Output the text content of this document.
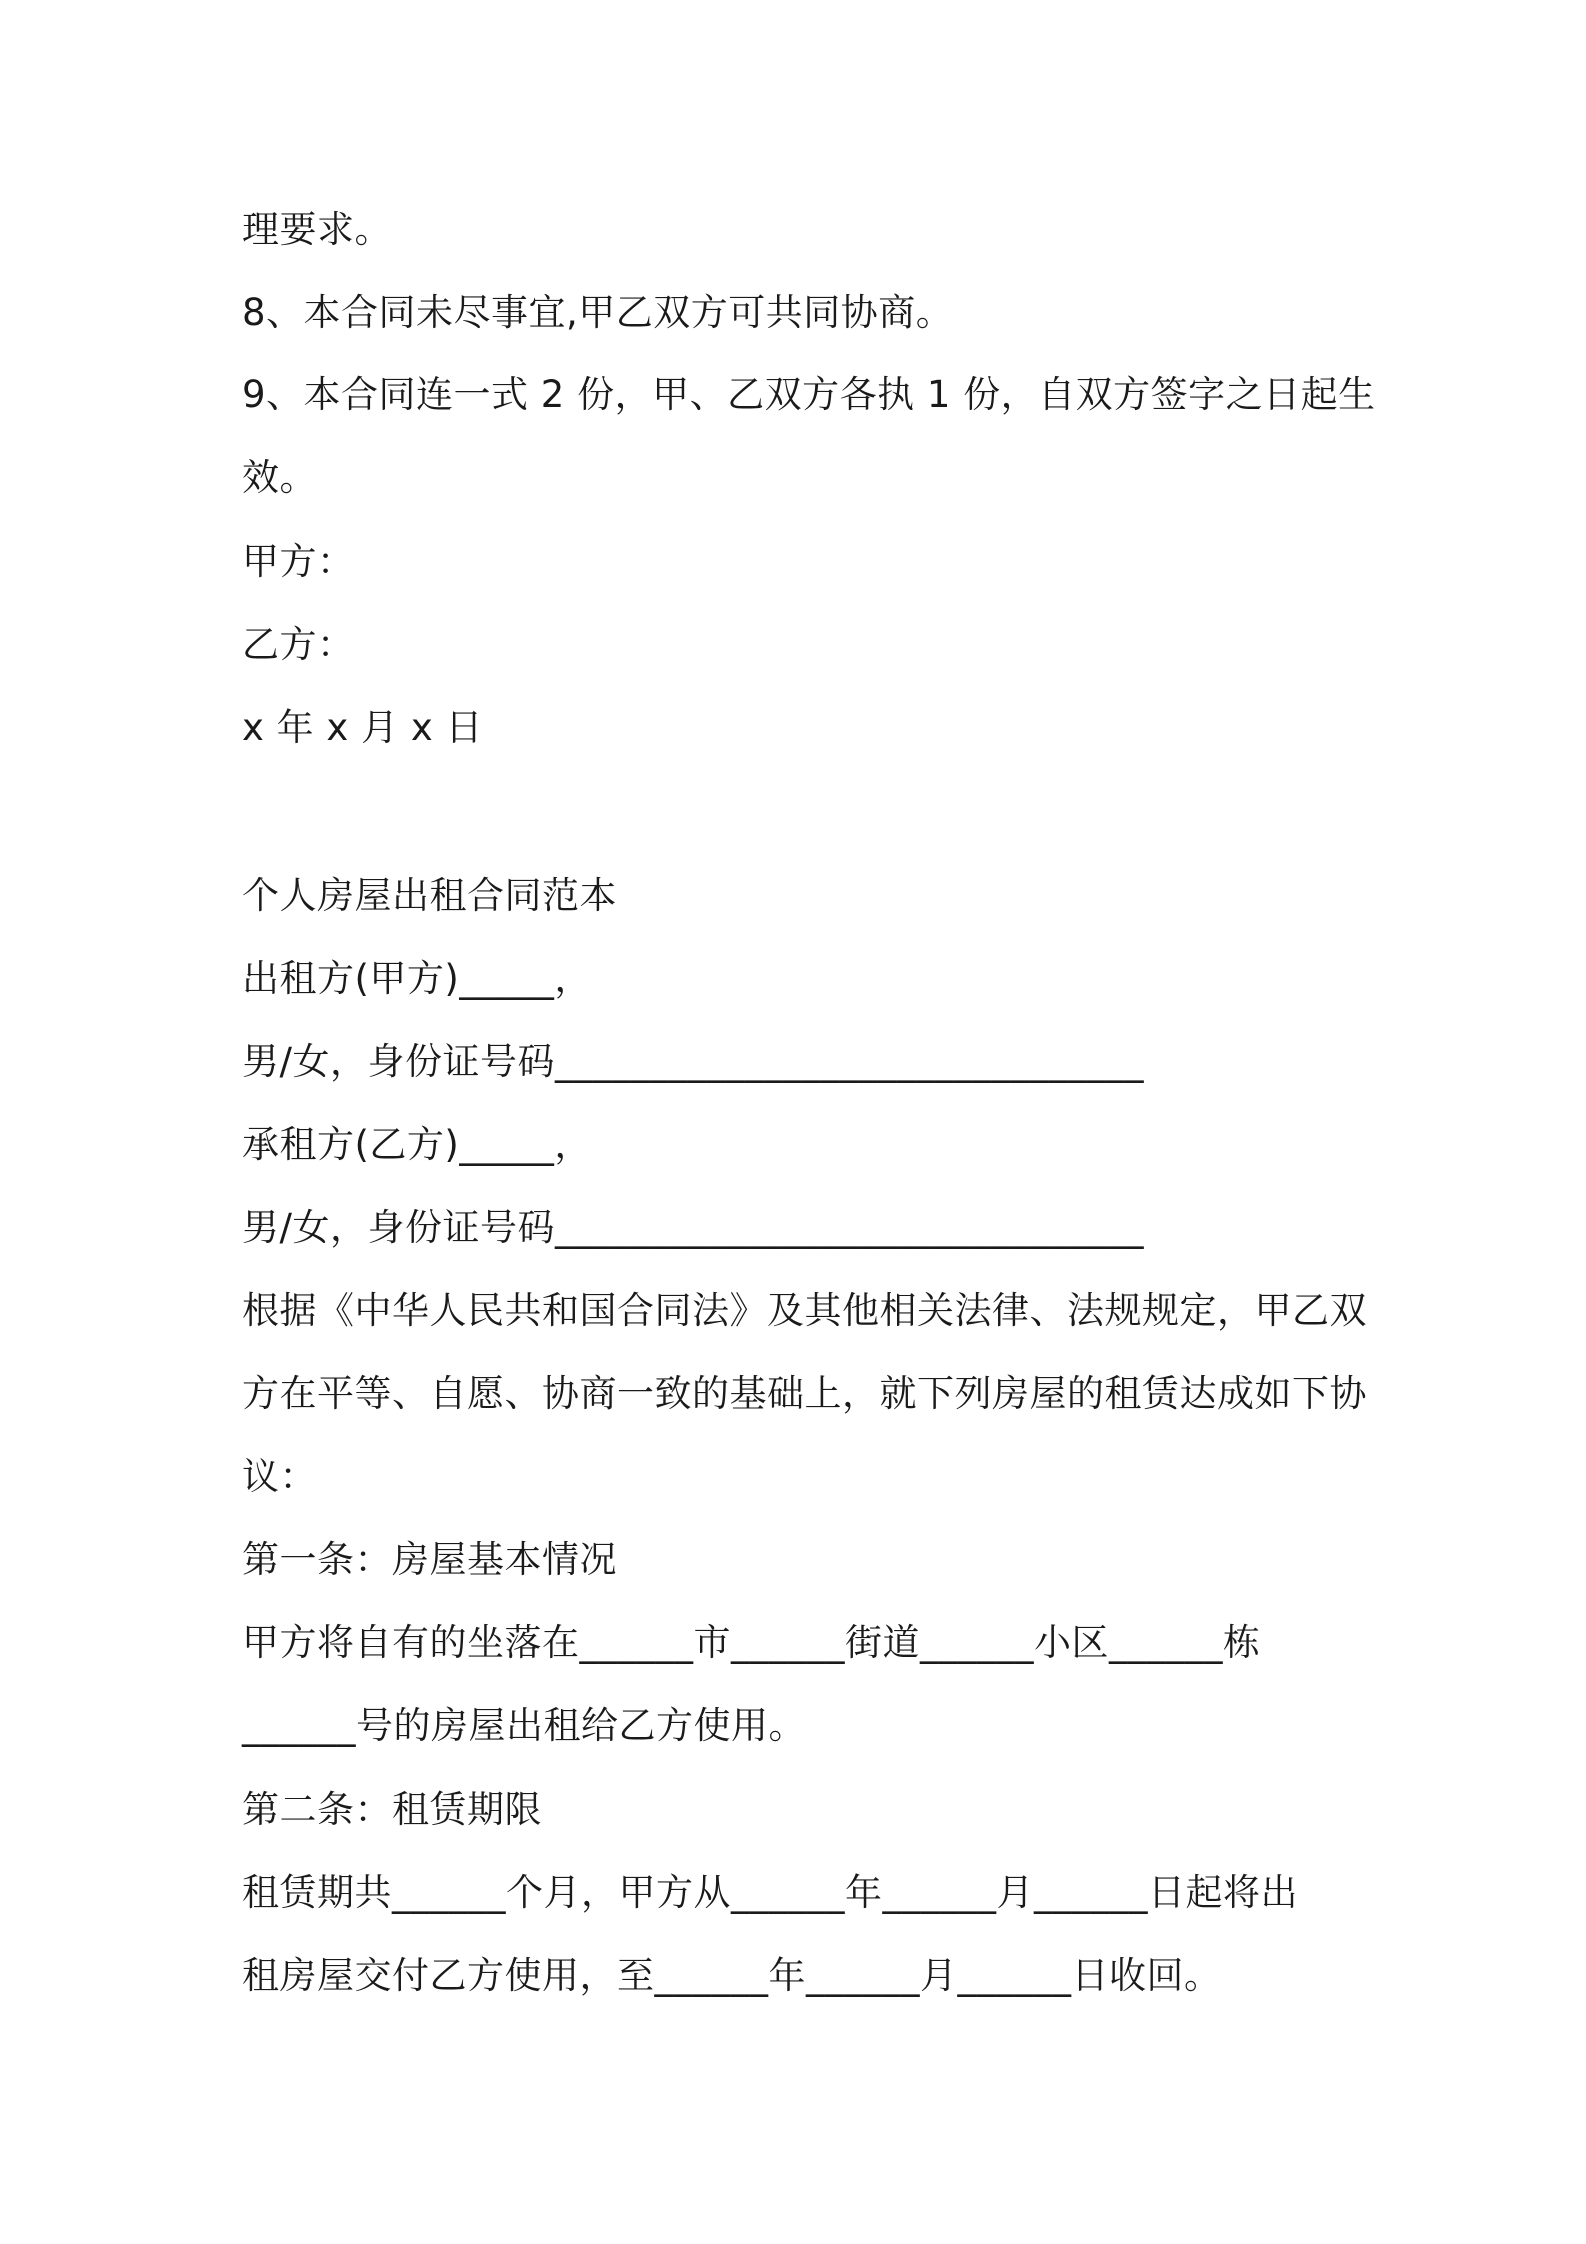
理要求。
8、本合同未尽事宜,甲乙双方可共同协商。
9、本合同连一式 2 份，甲、乙双方各执 1 份，自双方签字之日起生
效。
甲方：
乙方：
x 年 x 月 x 日
个人房屋出租合同范本
出租方(甲方)_____，
男/女，身份证号码_______________________________
承租方(乙方)_____，
男/女，身份证号码_______________________________
根据《中华人民共和国合同法》及其他相关法律、法规规定，甲乙双
方在平等、自愿、协商一致的基础上，就下列房屋的租赁达成如下协
议：
第一条：房屋基本情况
甲方将自有的坐落在______市______街道______小区______栋
______号的房屋出租给乙方使用。
第二条：租赁期限
租赁期共______个月，甲方从______年______月______日起将出
租房屋交付乙方使用，至______年______月______日收回。
